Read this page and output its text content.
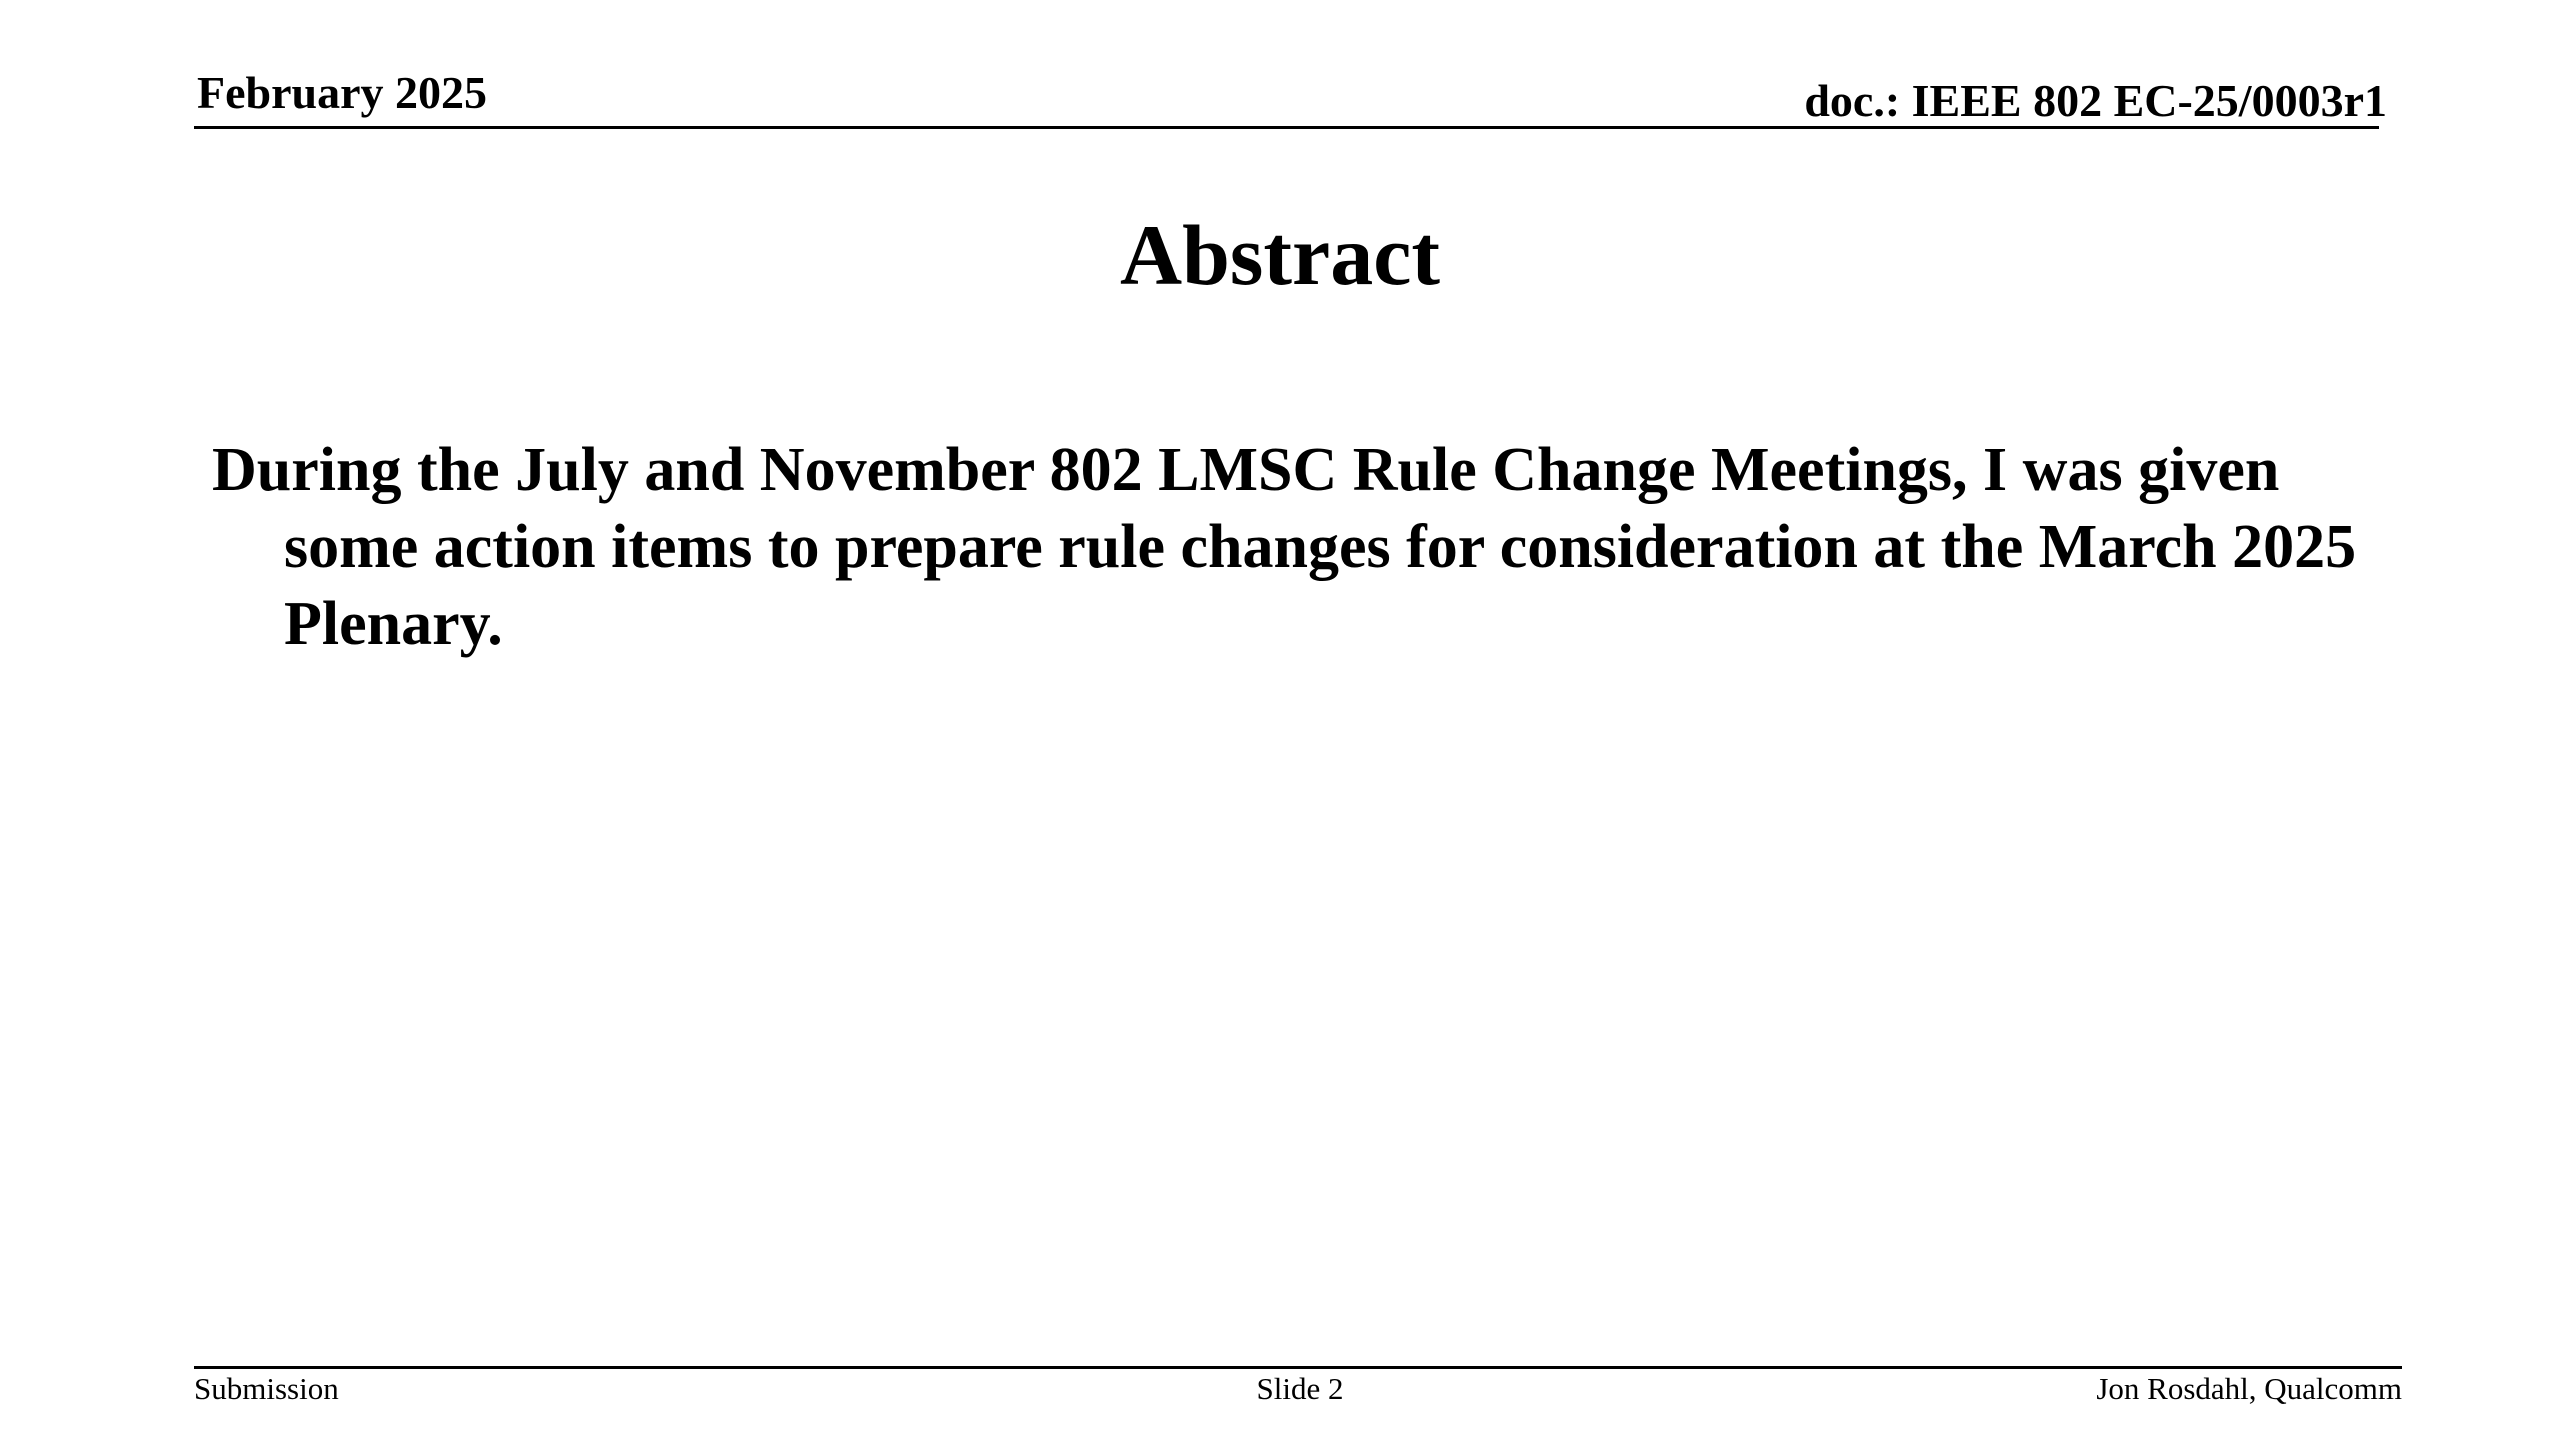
February 2025	doc.: IEEE 802 EC-25/0003r1
Abstract
During the July and November 802 LMSC Rule Change Meetings, I was given some action items to prepare rule changes for consideration at the March 2025 Plenary.
Submission	Slide 2	Jon Rosdahl, Qualcomm
